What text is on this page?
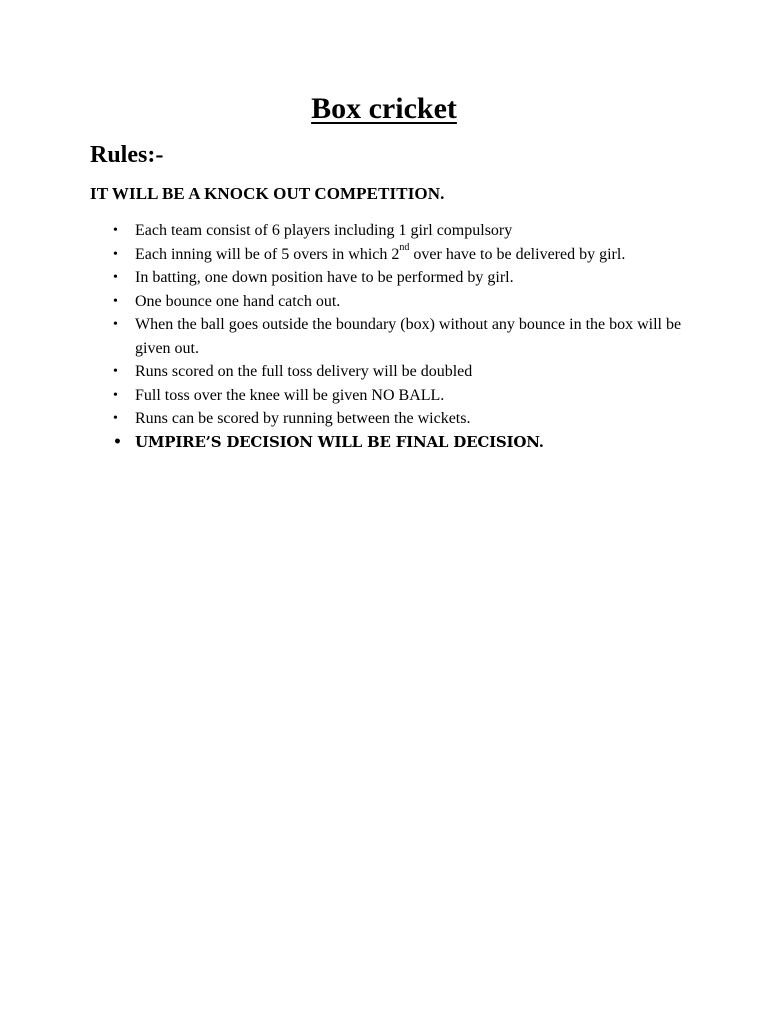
Box cricket
Rules:-

IT WILL BE A KNOCK OUT COMPETITION.

• Each team consist of 6 players including 1 girl compulsory
• Each inning will be of 5 overs in which 2nd over have to be delivered by girl.
• In batting, one down position have to be performed by girl.
• One bounce one hand catch out.
• When the ball goes outside the boundary (box) without any bounce in the box will be given out.
• Runs scored on the full toss delivery will be doubled
• Full toss over the knee will be given NO BALL.
• Runs can be scored by running between the wickets.
• UMPIRE’S DECISION WILL BE FINAL DECISION.
